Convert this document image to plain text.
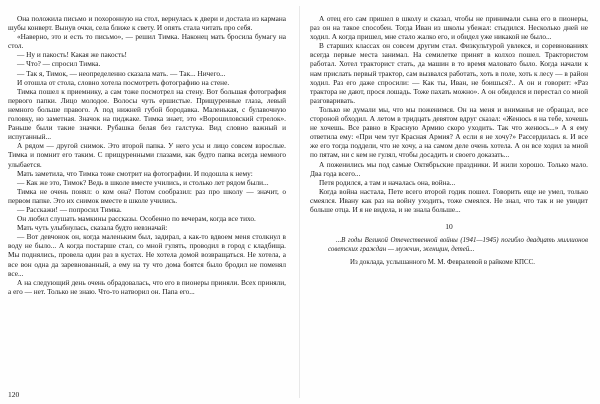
Она положила письмо и похоронную на стол, вернулась к двери и достала из кармана шубы конверт. Вынув очки, села ближе к свету. И опять стала читать про себя.

«Наверно, это и есть то письмо», — решил Тимка. Наконец мать бросила бумагу на стол.

— Ну и пакость! Какая же пакость!

— Что? — спросил Тимка.

— Так я, Тимок, — неопределенно сказала мать. — Так... Ничего...

И отошла от стола, словно хотела посмотреть фотографию на стене.

Тимка пошел к приемнику, а сам тоже посмотрел на стену. Вот большая фотография первого папки. Лицо молодое. Волосы чуть ершистые. Прищуренные глаза, левый немного больше правого. А под нижней губой бородавка. Маленькая, с булавочную головку, но заметная. Значок на пиджаке. Тимка знает, это «Ворошиловский стрелок». Раньше были такие значки. Рубашка белая без галстука. Вид словно важный и испуганный...

А рядом — другой снимок. Это второй папка. У него усы и лицо совсем взрослые. Тимка и помнит его таким. С прищуренными глазами, как будто папка всегда немного улыбается.

Мать заметила, что Тимка тоже смотрит на фотографии. И подошла к нему:

— Как же это, Тимок? Ведь в школе вместе учились, и столько лет рядом были...

Тимка не очень понял: о ком она? Потом сообразил: раз про школу — значит, о первом папке. Это их снимок вместе в школе учились.

— Расскажи! — попросил Тимка.

Он любил слушать мамкины рассказы. Особенно по вечерам, когда все тихо.

Мать чуть улыбнулась, сказала будто невзначай:

— Вот девчонок он, когда маленьким был, задирал, а как-то вдвоем меня столкнул в воду не было... А когда постарше стал, со мной гулять, проводил в город с кладбища. Мы поднялись, провела один раз в кустах. Не хотела домой возвращаться. Не хотела, а все вон одна да заревнованный, а ему на ту что дома боятся было бродил не поменял все...

А на следующий день очень обрадовалась, что его в пионеры приняли. Всех приняли, а его — нет. Только не знаю. Что-то натворил он. Папа его...

120

А отец его сам пришел в школу и сказал, чтобы не принимали сына его в пионеры, раз он на такое способен. Тогда Иван из школы убежал: стыдился. Несколько дней не ходил. А когда пришел, мне стало жалко его, и обидел уже никакой не было...

В старших классах он совсем другим стал. Физкультурой увлекся, и соревнованиях всегда первые места занимал. На семилетке принят в колхоз пошел. Трактористом работал. Хотел тракторист стать, да машин в то время маловато было. Когда начали к нам прислать первый трактор, сам вызвался работать, хоть в поле, хоть к лесу — в район ходил. Раз его даже спросили: — Как ты, Иван, не боишься?.. А он и говорит: «Раз трактора не дают, прося лошадь. Тоже пахать можно». А он обиделся и перестал со мной разговаривать.

Только не думали мы, что мы поженимся. Он на меня и вниманья не обращал, все стороной обходил. А летом в тридцать девятом вдруг сказал: «Женюсь я на тебе, хочешь не хочешь. Все равно в Красную Армию скоро уходить. Так что женюсь...» А я ему ответила ему: «При чем тут Красная Армия? А если я не хочу?» Рассердилась я. И все же его тогда поддели, что не хочу, а на самом деле очень хотела. А он все ходил за мной по пятам, ни с кем не гулял, чтобы досадить и своего доказать...

А поженились мы под самые Октябрьские праздники. И жили хорошо. Только мало. Два года всего...

Петя родился, а там и началась она, война...

Когда война настала, Пете всего второй годик пошел. Говорить еще не умел, только смеялся. Ивану как раз на войну уходить, тоже смеялся. Не знал, что так и не увидит больше отца. И я не видела, и не знала больше...

10

...В годы Великой Отечественной войны (1941—1945) погибло двадцать миллионов советских граждан — мужчин, женщин, детей...

Из доклада, услышанного М. М. Февралевой в райкоме КПСС.
